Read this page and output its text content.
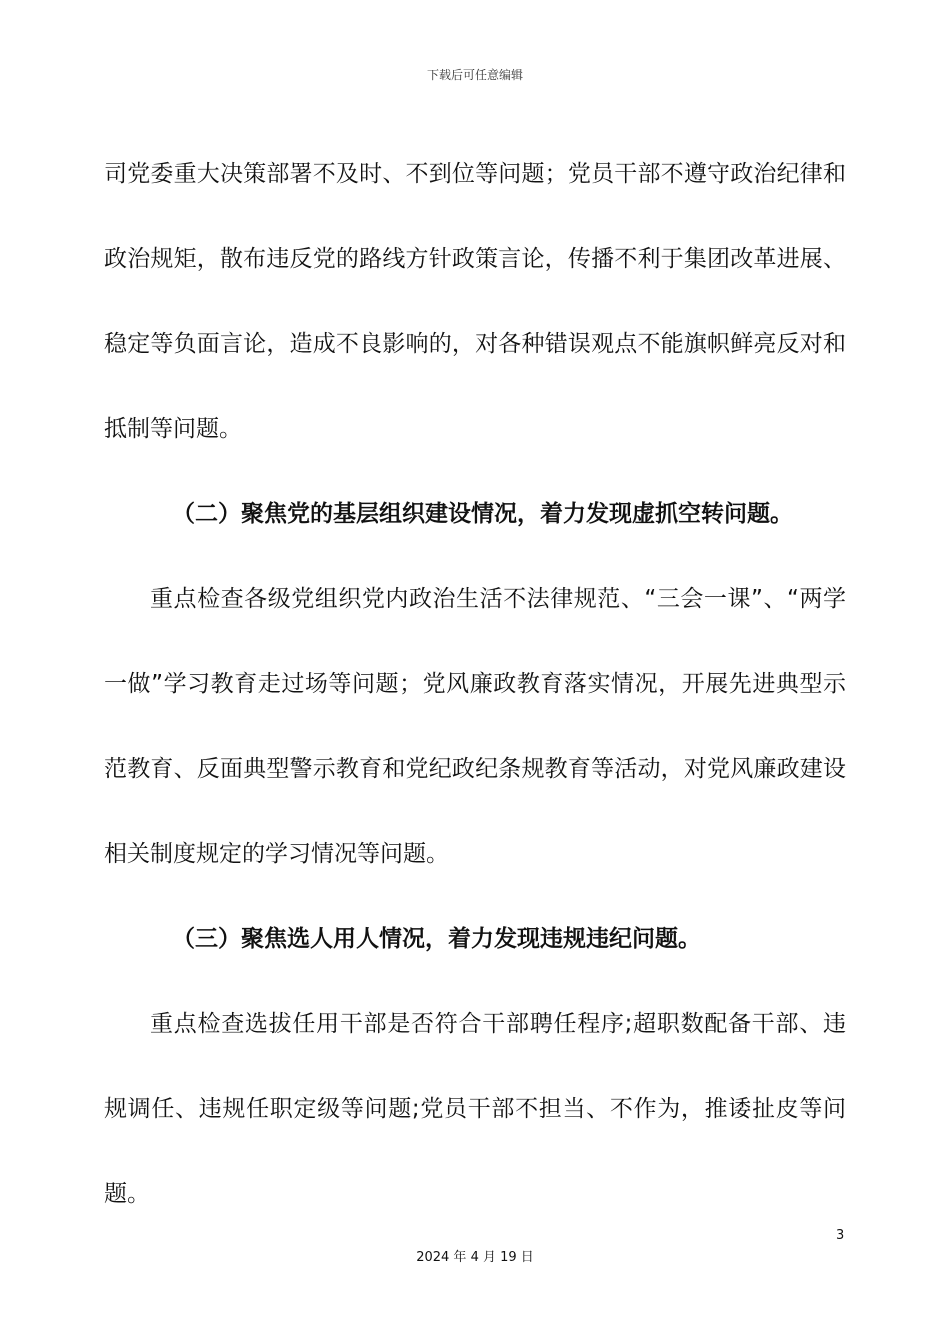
下载后可任意编辑

司党委重大决策部署不及时、不到位等问题；党员干部不遵守政治纪律和政治规矩，散布违反党的路线方针政策言论，传播不利于集团改革进展、稳定等负面言论，造成不良影响的，对各种错误观点不能旗帜鲜亮反对和抵制等问题。

（二）聚焦党的基层组织建设情况，着力发现虚抓空转问题。

重点检查各级党组织党内政治生活不法律规范、“三会一课”、“两学一做”学习教育走过场等问题；党风廉政教育落实情况，开展先进典型示范教育、反面典型警示教育和党纪政纪条规教育等活动，对党风廉政建设相关制度规定的学习情况等问题。

（三）聚焦选人用人情况，着力发现违规违纪问题。

重点检查选拔任用干部是否符合干部聘任程序;超职数配备干部、违规调任、违规任职定级等问题;党员干部不担当、不作为，推诿扯皮等问题。

3
2024 年 4 月 19 日
